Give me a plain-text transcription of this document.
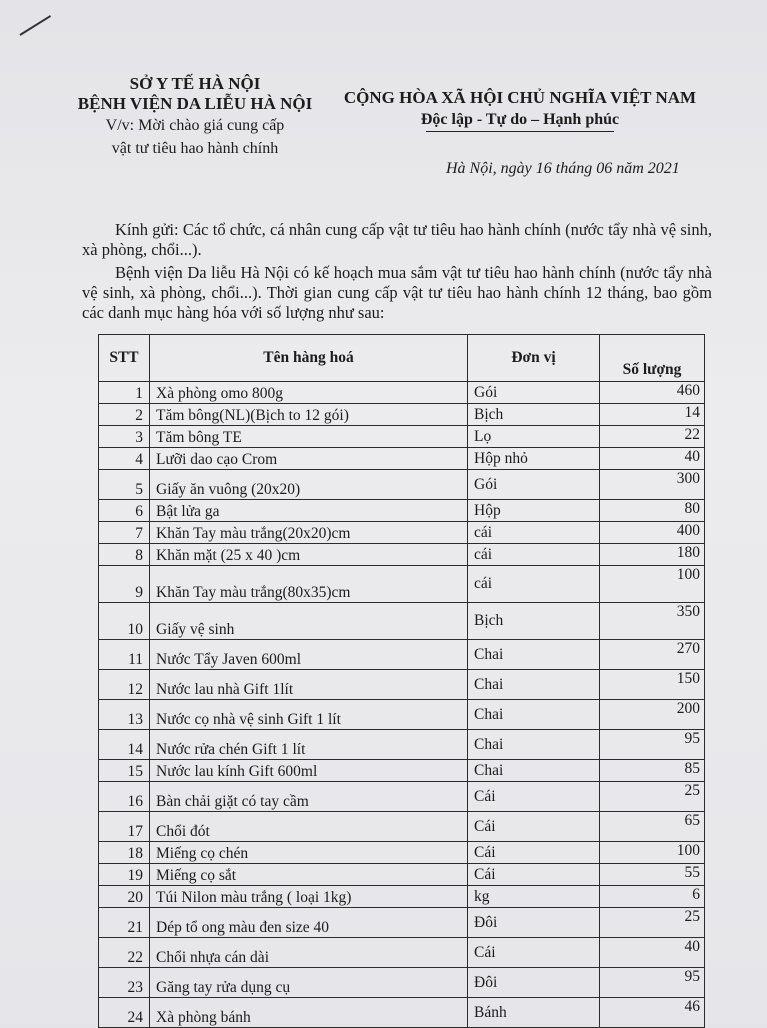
SỞ Y TẾ HÀ NỘI
BỆNH VIỆN DA LIỄU HÀ NỘI
V/v: Mời chào giá cung cấp
vật tư tiêu hao hành chính
CỘNG HÒA XÃ HỘI CHỦ NGHĨA VIỆT NAM
Độc lập - Tự do – Hạnh phúc
Hà Nội, ngày 16 tháng 06 năm 2021

Kính gửi: Các tổ chức, cá nhân cung cấp vật tư tiêu hao hành chính (nước tẩy nhà vệ sinh, xà phòng, chổi...).

Bệnh viện Da liễu Hà Nội có kế hoạch mua sắm vật tư tiêu hao hành chính (nước tẩy nhà vệ sinh, xà phòng, chổi...). Thời gian cung cấp vật tư tiêu hao hành chính 12 tháng, bao gồm các danh mục hàng hóa với số lượng như sau:

STT	Tên hàng hoá	Đơn vị	Số lượng
1	Xà phòng omo 800g	Gói	460
2	Tăm bông(NL)(Bịch to 12 gói)	Bịch	14
3	Tăm bông TE	Lọ	22
4	Lưỡi dao cạo Crom	Hộp nhỏ	40
5	Giấy ăn vuông (20x20)	Gói	300
6	Bật lửa ga	Hộp	80
7	Khăn Tay màu trắng(20x20)cm	cái	400
8	Khăn mặt (25 x 40 )cm	cái	180
9	Khăn Tay màu trắng(80x35)cm	cái	100
10	Giấy vệ sinh	Bịch	350
11	Nước Tẩy Javen 600ml	Chai	270
12	Nước lau nhà Gift 1lít	Chai	150
13	Nước cọ nhà vệ sinh Gift 1 lít	Chai	200
14	Nước rửa chén Gift 1 lít	Chai	95
15	Nước lau kính Gift 600ml	Chai	85
16	Bàn chải giặt có tay cầm	Cái	25
17	Chổi đót	Cái	65
18	Miếng cọ chén	Cái	100
19	Miếng cọ sắt	Cái	55
20	Túi Nilon màu trắng ( loại 1kg)	kg	6
21	Dép tổ ong màu đen size 40	Đôi	25
22	Chổi nhựa cán dài	Cái	40
23	Găng tay rửa dụng cụ	Đôi	95
24	Xà phòng bánh	Bánh	46
